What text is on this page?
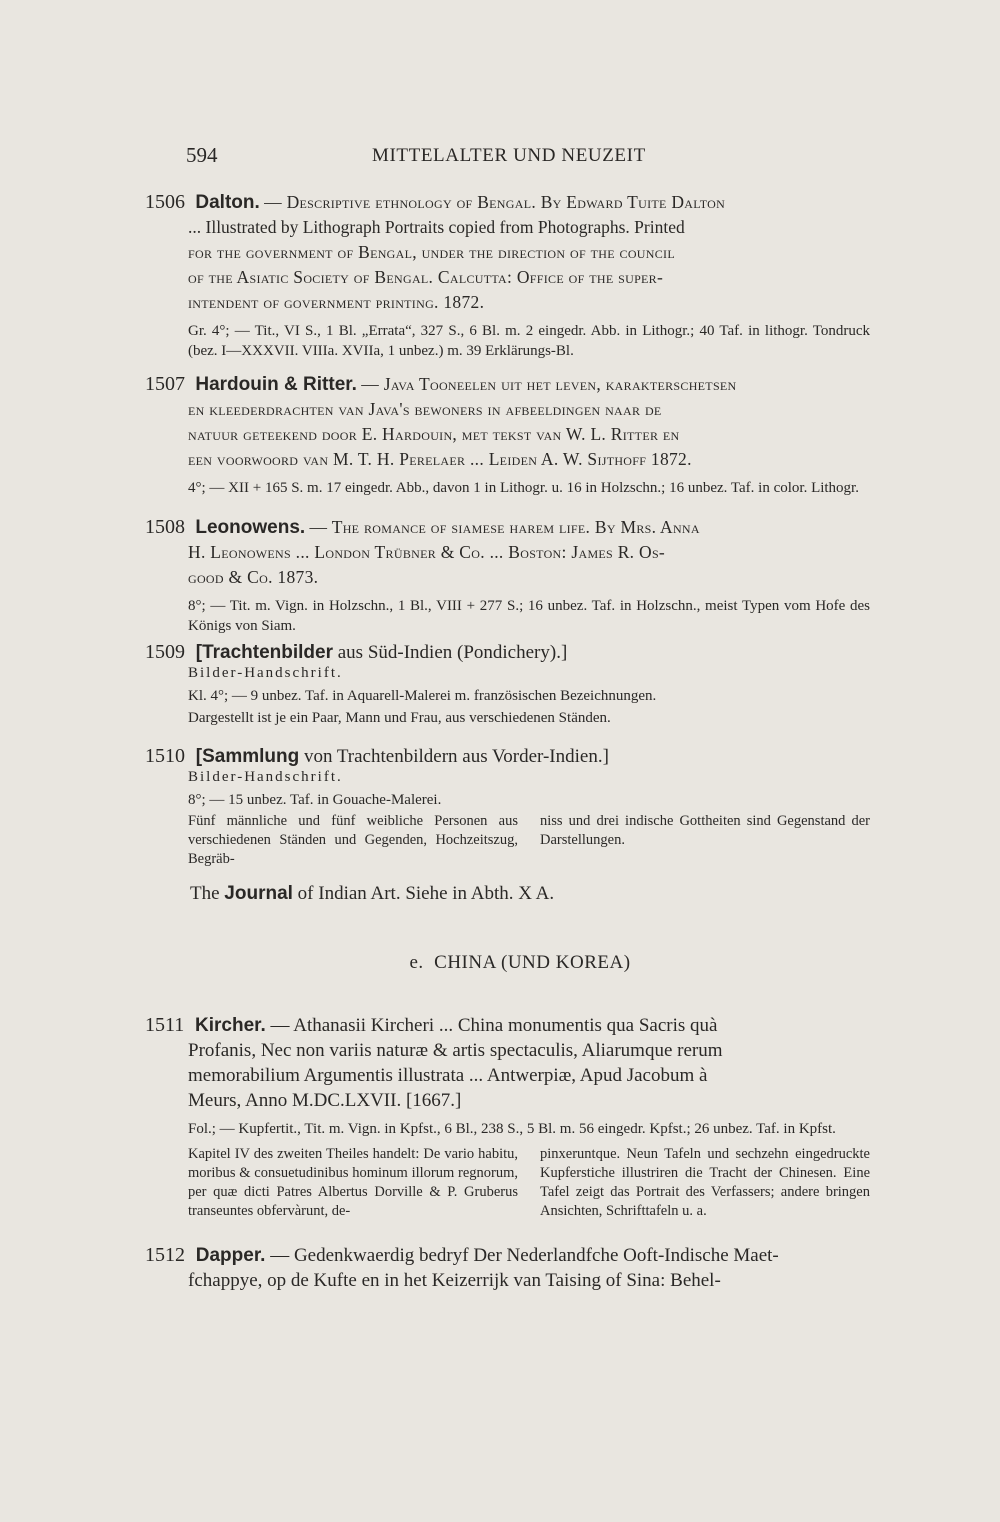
594	MITTELALTER UND NEUZEIT
1506 Dalton. — Descriptive ethnology of Bengal. By Edward Tuite Dalton
... Illustrated by Lithograph Portraits copied from Photographs. Printed
for the government of Bengal, under the direction of the council
of the Asiatic Society of Bengal. Calcutta: Office of the super-
intendent of government printing. 1872.
Gr. 4°; — Tit., VI S., 1 Bl. „Errata“, 327 S., 6 Bl. m. 2 eingedr. Abb. in Lithogr.; 40 Taf. in lithogr. Tondruck (bez. I—XXXVII. VIIIa. XVIIa, 1 unbez.) m. 39 Erklärungs-Bl.
1507 Hardouin & Ritter. — Java Tooneelen uit het leven, karakterschetsen
en kleederdrachten van Java's bewoners in afbeeldingen naar de
natuur geteekend door E. Hardouin, met tekst van W. L. Ritter en
een voorwoord van M. T. H. Perelaer ... Leiden A. W. Sijthoff 1872.
4°; — XII + 165 S. m. 17 eingedr. Abb., davon 1 in Lithogr. u. 16 in Holzschn.; 16 unbez. Taf. in color. Lithogr.
1508 Leonowens. — The romance of siamese harem life. By Mrs. Anna
H. Leonowens ... London Trübner & Co. ... Boston: James R. Os-
good & Co. 1873.
8°; — Tit. m. Vign. in Holzschn., 1 Bl., VIII + 277 S.; 16 unbez. Taf. in Holzschn., meist Typen vom Hofe des Königs von Siam.
1509 [Trachtenbilder aus Süd-Indien (Pondichery).]
Bilder-Handschrift.
Kl. 4°; — 9 unbez. Taf. in Aquarell-Malerei m. französischen Bezeichnungen.
Dargestellt ist je ein Paar, Mann und Frau, aus verschiedenen Ständen.
1510 [Sammlung von Trachtenbildern aus Vorder-Indien.]
Bilder-Handschrift.
8°; — 15 unbez. Taf. in Gouache-Malerei.
Fünf männliche und fünf weibliche Personen aus verschiedenen Ständen und Gegenden, Hochzeitszug, Begräb-
niss und drei indische Gottheiten sind Gegenstand der Darstellungen.
The Journal of Indian Art. Siehe in Abth. X A.
e. CHINA (UND KOREA)
1511 Kircher. — Athanasii Kircheri ... China monumentis qua Sacris quà
Profanis, Nec non variis naturæ & artis spectaculis, Aliarumque rerum
memorabilium Argumentis illustrata ... Antwerpiæ, Apud Jacobum à
Meurs, Anno M.DC.LXVII. [1667.]
Fol.; — Kupfertit., Tit. m. Vign. in Kpfst., 6 Bl., 238 S., 5 Bl. m. 56 eingedr. Kpfst.; 26 unbez. Taf. in Kpfst.
Kapitel IV des zweiten Theiles handelt: De vario habitu, moribus & consuetudinibus hominum illorum regnorum, per quæ dicti Patres Albertus Dorville & P. Gruberus transeuntes obfervàrunt, de-
pinxeruntque. Neun Tafeln und sechzehn eingedruckte Kupferstiche illustriren die Tracht der Chinesen. Eine Tafel zeigt das Portrait des Verfassers; andere bringen Ansichten, Schrifttafeln u. a.
1512 Dapper. — Gedenkwaerdig bedryf Der Nederlandfche Ooft-Indische Maet-
fchappye, op de Kufte en in het Keizerrijk van Taising of Sina: Behel-
